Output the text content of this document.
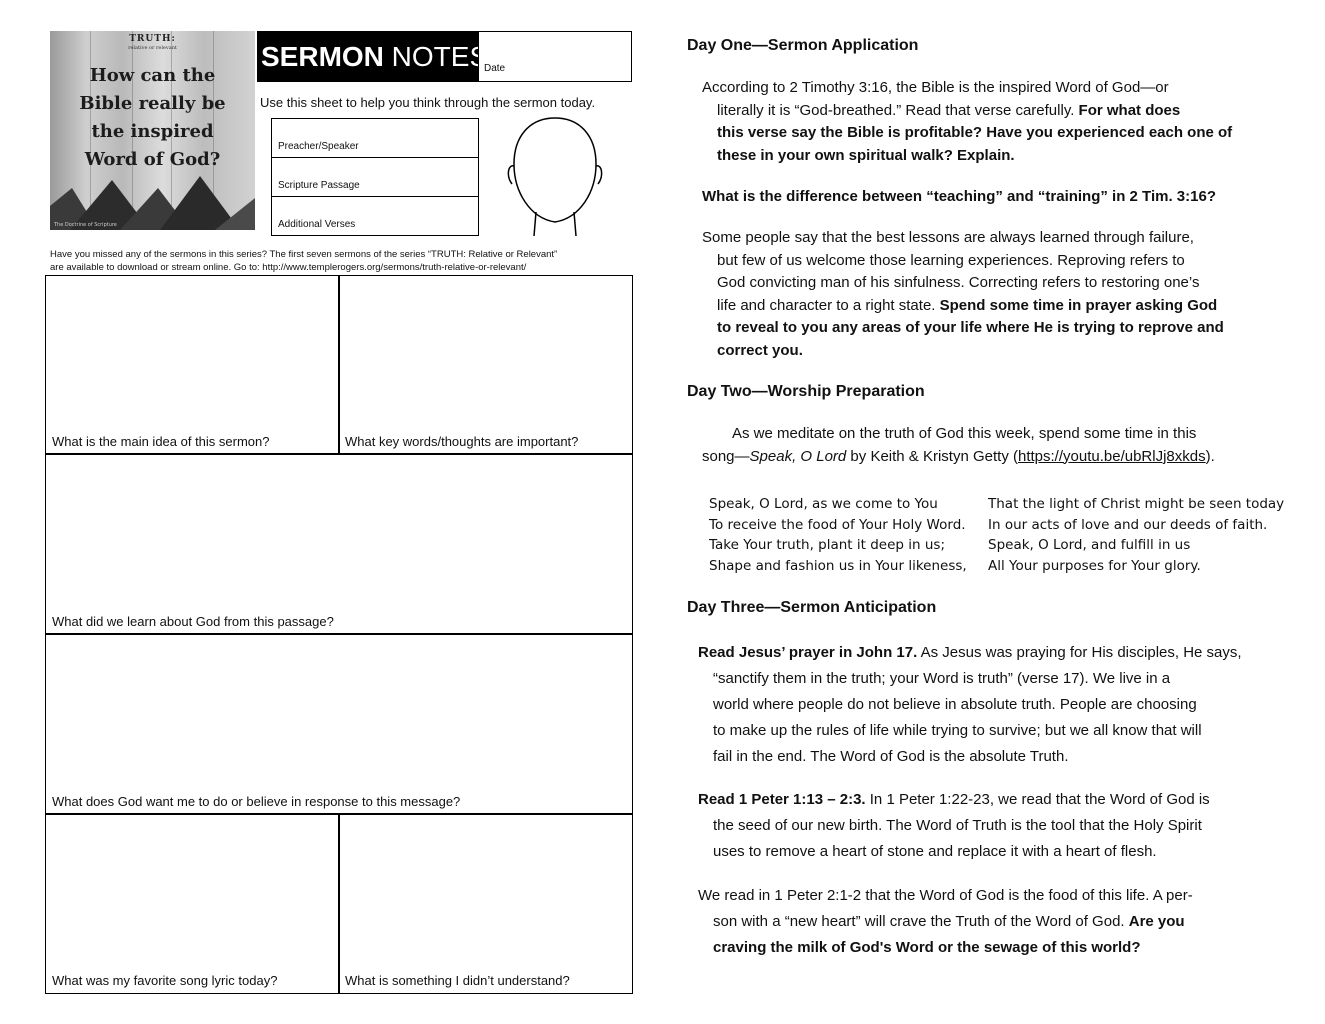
TRUTH:
relative or relevant
How can the
Bible really be
the inspired
Word of God?
The Doctrine of Scripture
SERMON NOTES
Date
Use this sheet to help you think through the sermon today.
Preacher/Speaker
Scripture Passage
Additional Verses
Have you missed any of the sermons in this series? The first seven sermons of the series “TRUTH: Relative or Relevant”
are available to download or stream online. Go to: http://www.templerogers.org/sermons/truth-relative-or-relevant/
What is the main idea of this sermon?	What key words/thoughts are important?
What did we learn about God from this passage?
What does God want me to do or believe in response to this message?
What was my favorite song lyric today?	What is something I didn’t understand?
Day One—Sermon Application
According to 2 Timothy 3:16, the Bible is the inspired Word of God—or
literally it is “God-breathed.” Read that verse carefully. For what does
this verse say the Bible is profitable? Have you experienced each one of
these in your own spiritual walk? Explain.
What is the difference between “teaching” and “training” in 2 Tim. 3:16?
Some people say that the best lessons are always learned through failure,
but few of us welcome those learning experiences. Reproving refers to
God convicting man of his sinfulness. Correcting refers to restoring one’s
life and character to a right state. Spend some time in prayer asking God
to reveal to you any areas of your life where He is trying to reprove and
correct you.
Day Two—Worship Preparation
As we meditate on the truth of God this week, spend some time in this
song—Speak, O Lord by Keith & Kristyn Getty (https://youtu.be/ubRlJj8xkds).
Speak, O Lord, as we come to You
To receive the food of Your Holy Word.
Take Your truth, plant it deep in us;
Shape and fashion us in Your likeness,
That the light of Christ might be seen today
In our acts of love and our deeds of faith.
Speak, O Lord, and fulfill in us
All Your purposes for Your glory.
Day Three—Sermon Anticipation
Read Jesus’ prayer in John 17. As Jesus was praying for His disciples, He says,
“sanctify them in the truth; your Word is truth” (verse 17). We live in a
world where people do not believe in absolute truth. People are choosing
to make up the rules of life while trying to survive; but we all know that will
fail in the end. The Word of God is the absolute Truth.
Read 1 Peter 1:13 – 2:3. In 1 Peter 1:22-23, we read that the Word of God is
the seed of our new birth. The Word of Truth is the tool that the Holy Spirit
uses to remove a heart of stone and replace it with a heart of flesh.
We read in 1 Peter 2:1-2 that the Word of God is the food of this life. A per-
son with a “new heart” will crave the Truth of the Word of God. Are you
craving the milk of God's Word or the sewage of this world?
